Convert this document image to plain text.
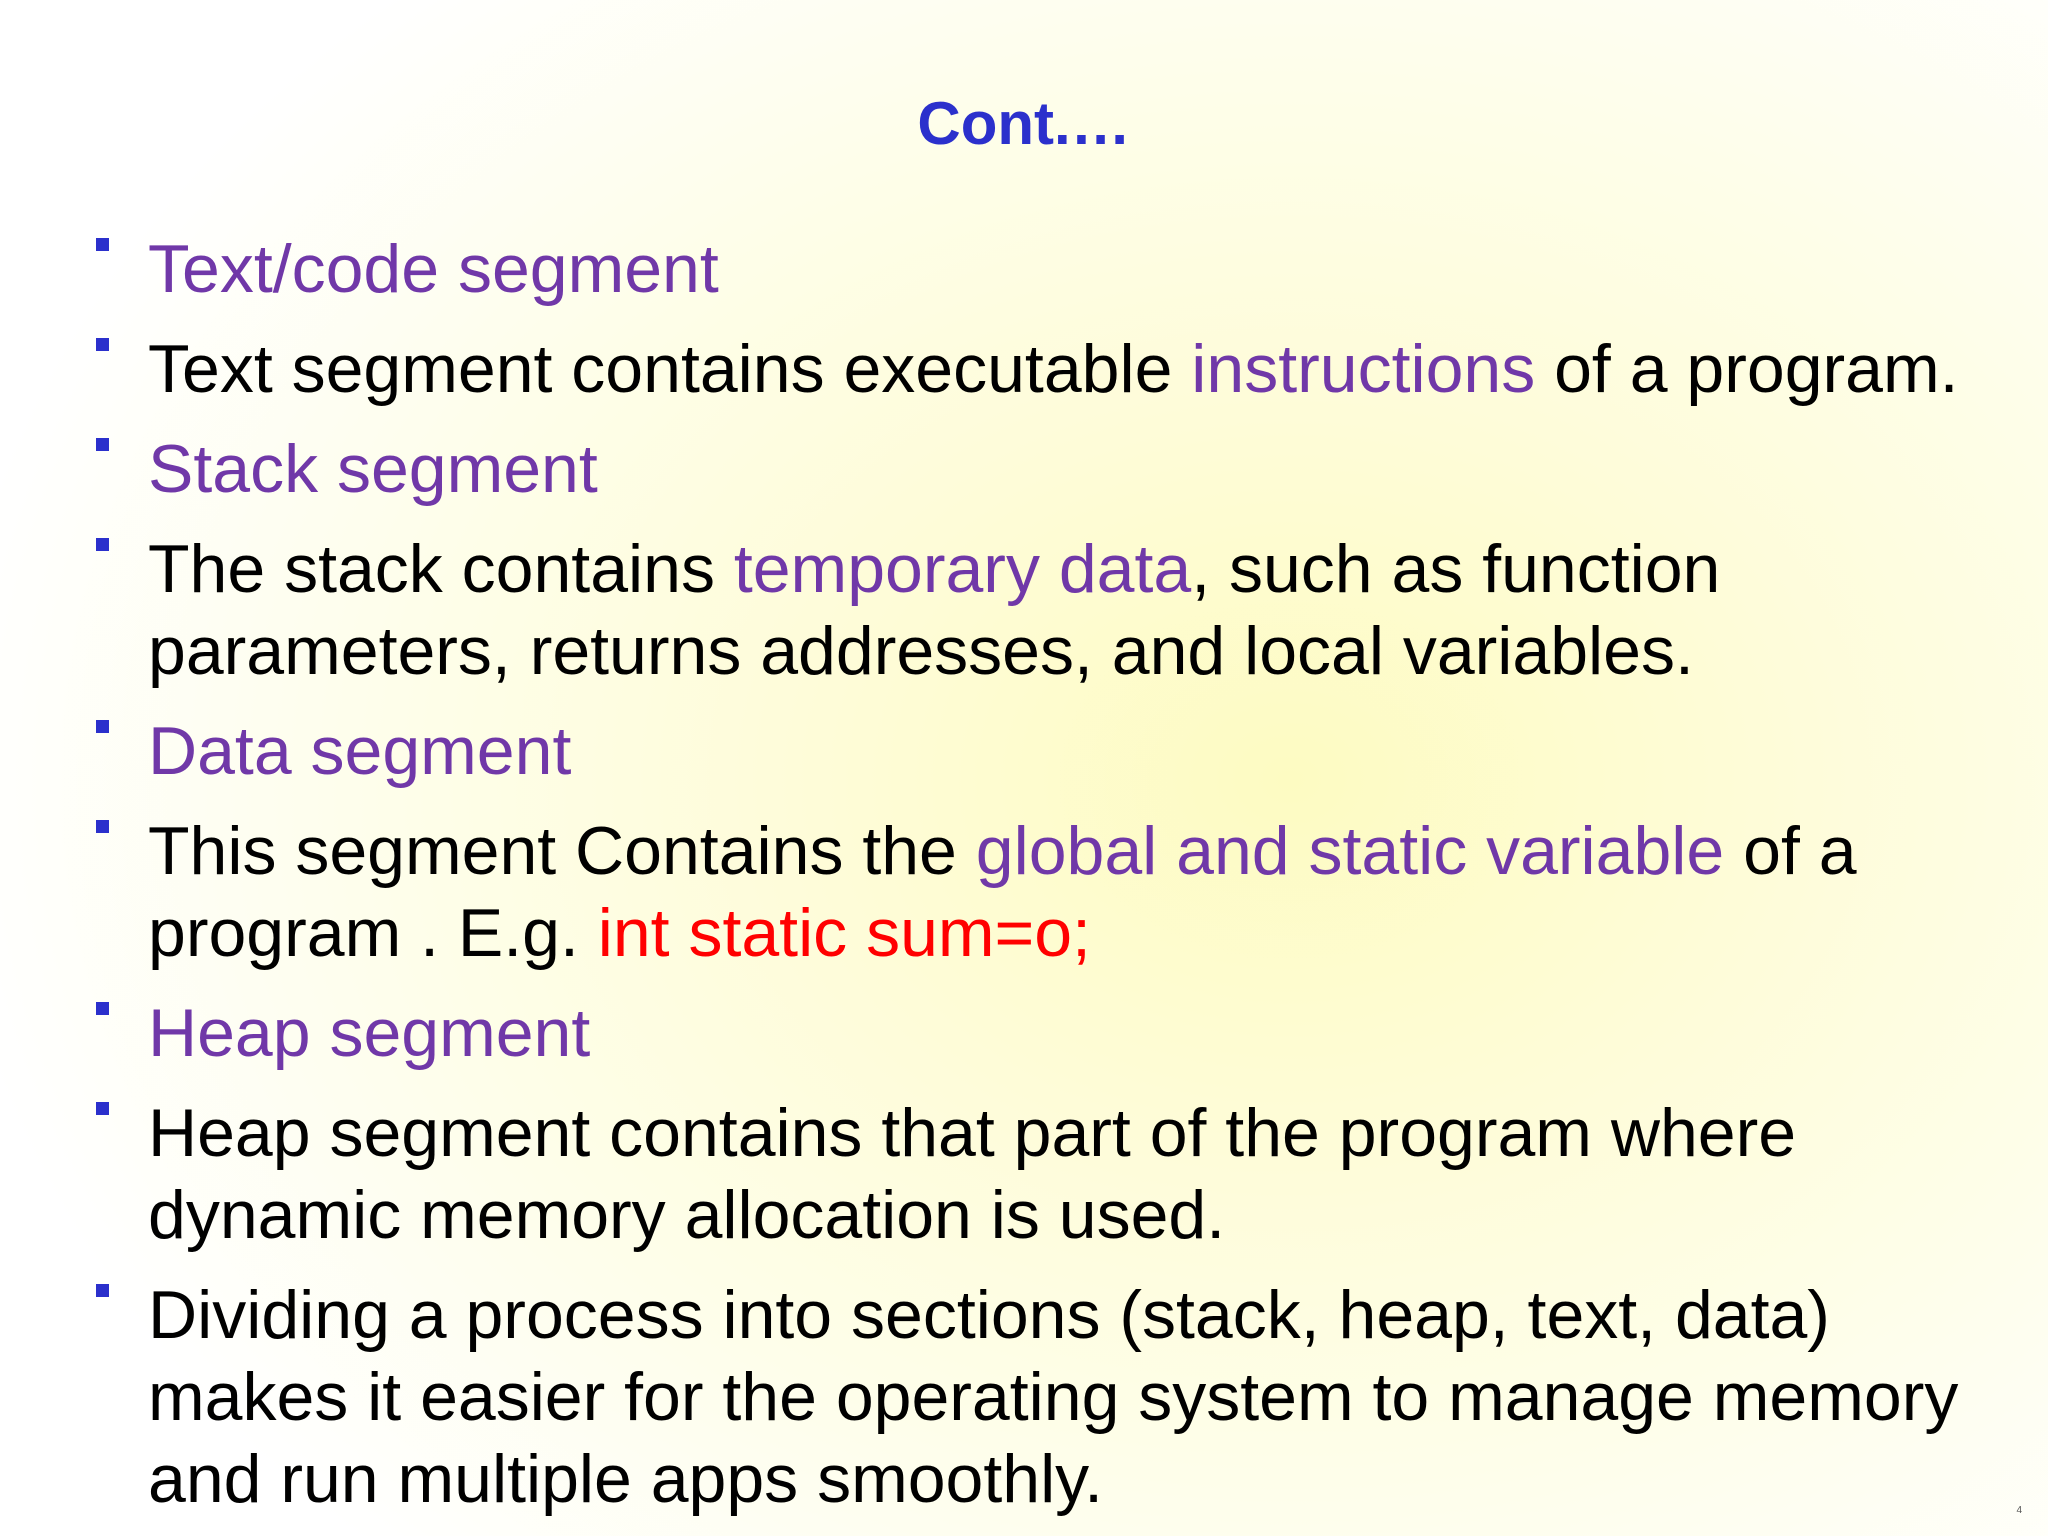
Cont.…
Text/code segment
Text segment contains executable instructions of a program.
Stack segment
The stack contains temporary data, such as function
parameters, returns addresses, and local variables.
Data segment
This segment Contains the global and static variable of a
program . E.g. int static sum=o;
Heap segment
Heap segment contains that part of the program where
dynamic memory allocation is used.
Dividing a process into sections (stack, heap, text, data)
makes it easier for the operating system to manage memory
and run multiple apps smoothly.	4
